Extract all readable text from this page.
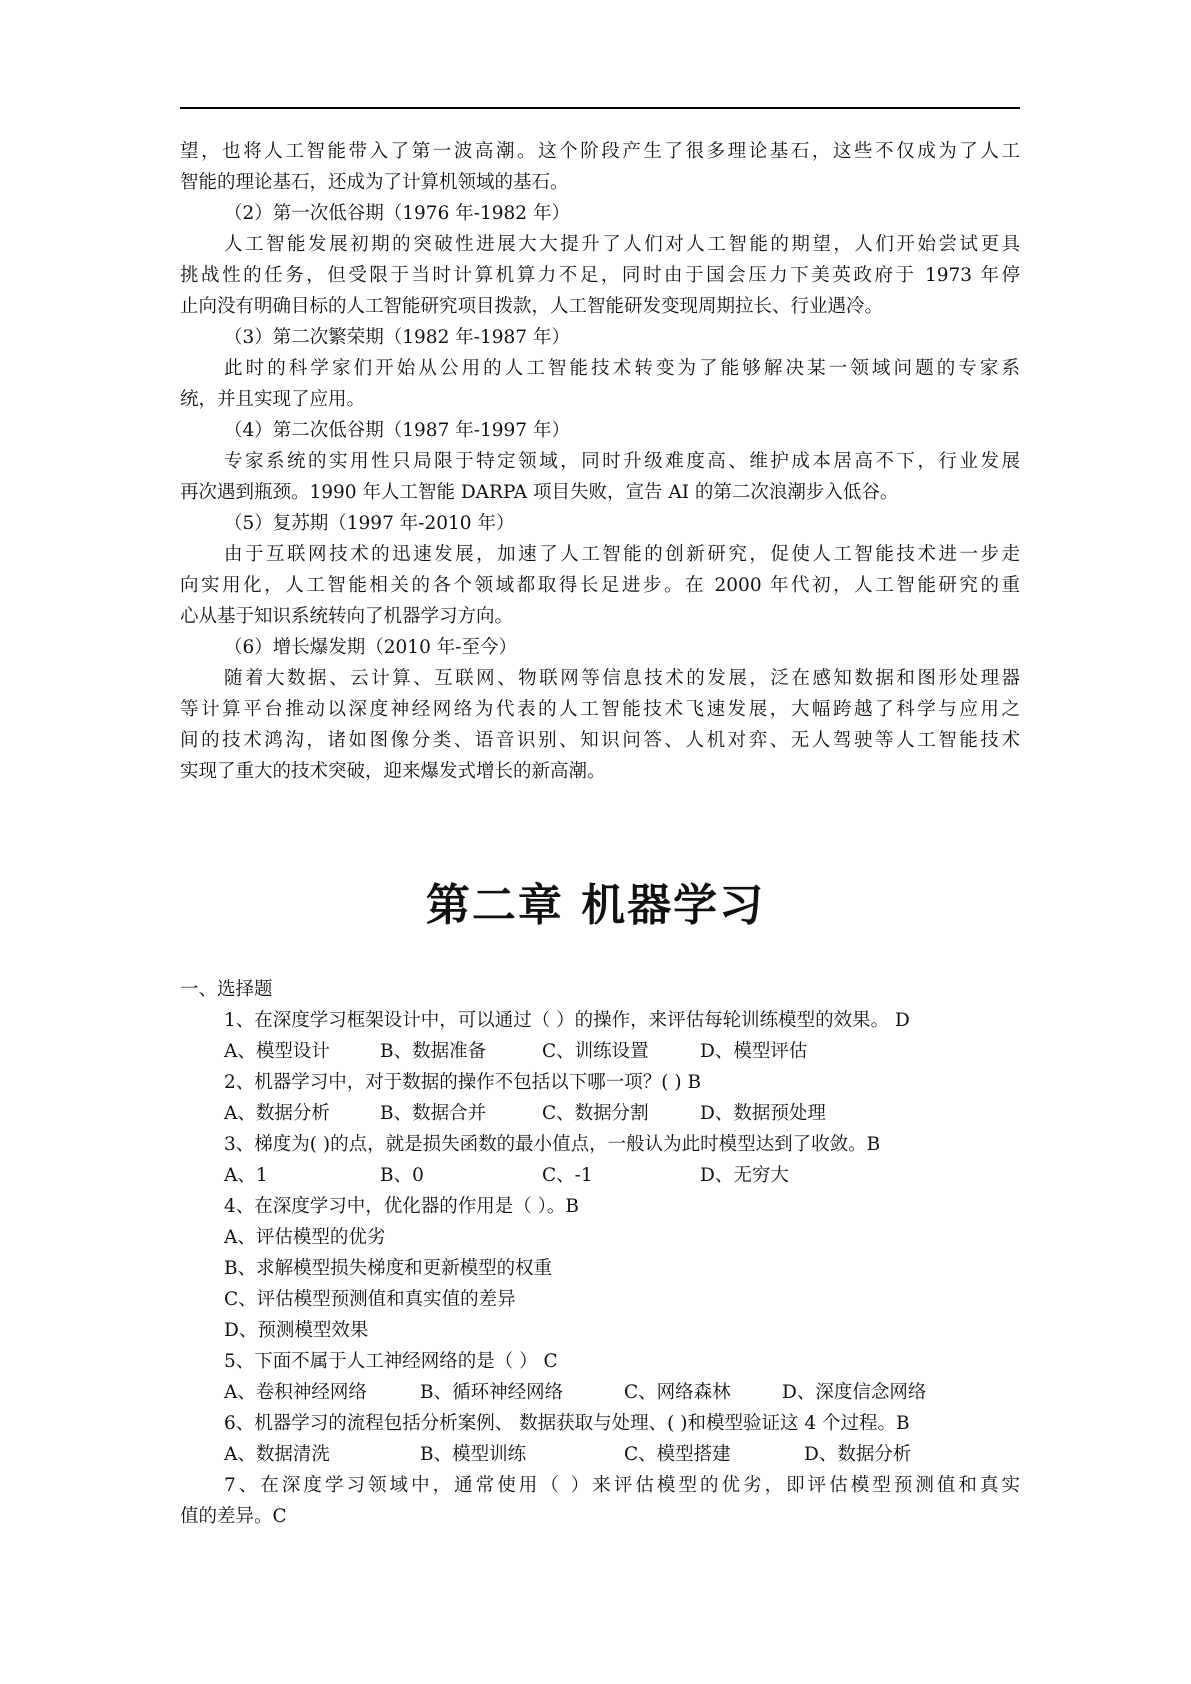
望，也将人工智能带入了第一波高潮。这个阶段产生了很多理论基石，这些不仅成为了人工
智能的理论基石，还成为了计算机领域的基石。
（2）第一次低谷期（1976 年-1982 年）
人工智能发展初期的突破性进展大大提升了人们对人工智能的期望，人们开始尝试更具
挑战性的任务，但受限于当时计算机算力不足，同时由于国会压力下美英政府于 1973 年停
止向没有明确目标的人工智能研究项目拨款，人工智能研发变现周期拉长、行业遇冷。
（3）第二次繁荣期（1982 年-1987 年）
此时的科学家们开始从公用的人工智能技术转变为了能够解决某一领域问题的专家系
统，并且实现了应用。
（4）第二次低谷期（1987 年-1997 年）
专家系统的实用性只局限于特定领域，同时升级难度高、维护成本居高不下，行业发展
再次遇到瓶颈。1990 年人工智能 DARPA 项目失败，宣告 AI 的第二次浪潮步入低谷。
（5）复苏期（1997 年-2010 年）
由于互联网技术的迅速发展，加速了人工智能的创新研究，促使人工智能技术进一步走
向实用化，人工智能相关的各个领域都取得长足进步。在 2000 年代初，人工智能研究的重
心从基于知识系统转向了机器学习方向。
（6）增长爆发期（2010 年-至今）
随着大数据、云计算、互联网、物联网等信息技术的发展，泛在感知数据和图形处理器
等计算平台推动以深度神经网络为代表的人工智能技术飞速发展，大幅跨越了科学与应用之
间的技术鸿沟，诸如图像分类、语音识别、知识问答、人机对弈、无人驾驶等人工智能技术
实现了重大的技术突破，迎来爆发式增长的新高潮。
第二章 机器学习
一、选择题
1、在深度学习框架设计中，可以通过（ ）的操作，来评估每轮训练模型的效果。 D
A、模型设计	B、数据准备	C、训练设置	D、模型评估
2、机器学习中，对于数据的操作不包括以下哪一项？( ) B
A、数据分析	B、数据合并	C、数据分割	D、数据预处理
3、梯度为( )的点，就是损失函数的最小值点，一般认为此时模型达到了收敛。B
A、1	B、0	C、-1	D、无穷大
4、在深度学习中，优化器的作用是（ ）。B
A、评估模型的优劣
B、求解模型损失梯度和更新模型的权重
C、评估模型预测值和真实值的差异
D、预测模型效果
5、下面不属于人工神经网络的是（ ） C
A、卷积神经网络	B、循环神经网络	C、网络森林	D、深度信念网络
6、机器学习的流程包括分析案例、 数据获取与处理、( )和模型验证这 4 个过程。B
A、数据清洗	B、模型训练	C、模型搭建	D、数据分析
7、在深度学习领域中，通常使用（ ）来评估模型的优劣，即评估模型预测值和真实
值的差异。C
